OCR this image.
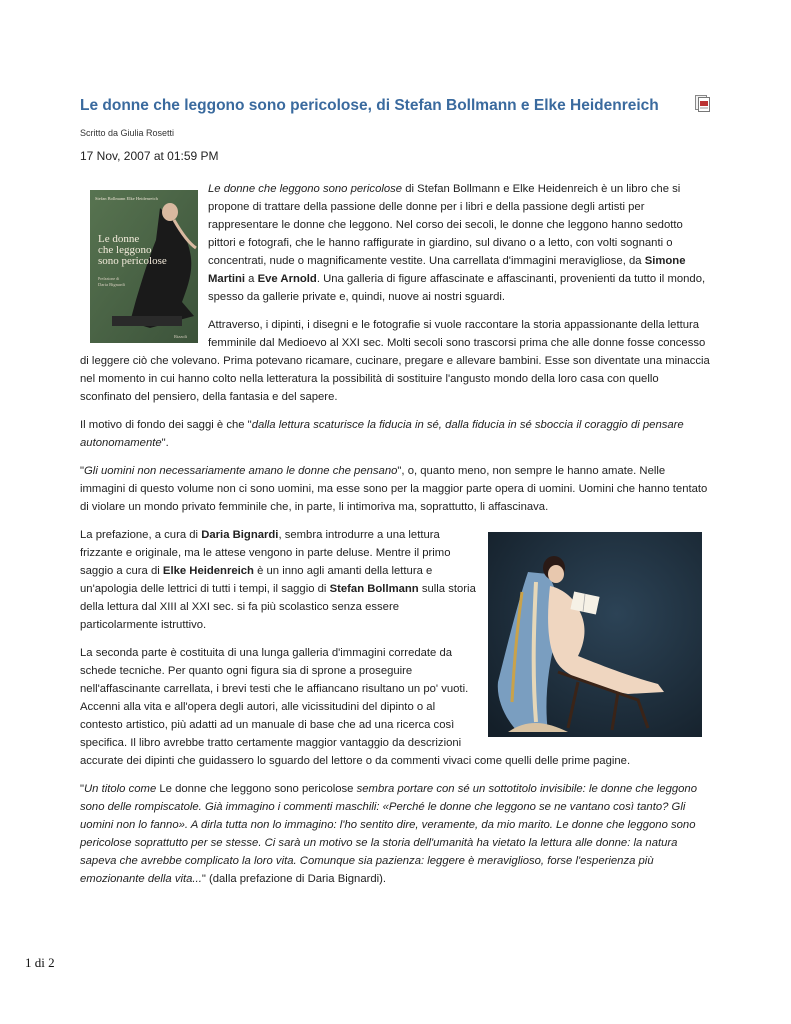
Le donne che leggono sono pericolose, di Stefan Bollmann e Elke Heidenreich
Scritto da Giulia Rosetti
17 Nov, 2007 at 01:59 PM
Stefan Bollmann Elke Heidenreich
Le donne
che leggono
sono pericolose
Prefazione di
Daria Bignardi
Rizzoli

Le donne che leggono sono pericolose di Stefan Bollmann e Elke Heidenreich è un libro che si propone di trattare della passione delle donne per i libri e della passione degli artisti per rappresentare le donne che leggono. Nel corso dei secoli, le donne che leggono hanno sedotto pittori e fotografi, che le hanno raffigurate in giardino, sul divano o a letto, con volti sognanti o concentrati, nude o magnificamente vestite. Una carrellata d'immagini meravigliose, da Simone Martini a Eve Arnold. Una galleria di figure affascinate e affascinanti, provenienti da tutto il mondo, spesso da gallerie private e, quindi, nuove ai nostri sguardi.

Attraverso, i dipinti, i disegni e le fotografie si vuole raccontare la storia appassionante della lettura femminile dal Medioevo al XXI sec. Molti secoli sono trascorsi prima che alle donne fosse concesso di leggere ciò che volevano. Prima potevano ricamare, cucinare, pregare e allevare bambini. Esse son diventate una minaccia nel momento in cui hanno colto nella letteratura la possibilità di sostituire l'angusto mondo della loro casa con quello sconfinato del pensiero, della fantasia e del sapere.

Il motivo di fondo dei saggi è che "dalla lettura scaturisce la fiducia in sé, dalla fiducia in sé sboccia il coraggio di pensare autonomamente".

"Gli uomini non necessariamente amano le donne che pensano", o, quanto meno, non sempre le hanno amate. Nelle immagini di questo volume non ci sono uomini, ma esse sono per la maggior parte opera di uomini. Uomini che hanno tentato di violare un mondo privato femminile che, in parte, li intimoriva ma, soprattutto, li affascinava.

La prefazione, a cura di Daria Bignardi, sembra introdurre a una lettura frizzante e originale, ma le attese vengono in parte deluse. Mentre il primo saggio a cura di Elke Heidenreich è un inno agli amanti della lettura e un'apologia delle lettrici di tutti i tempi, il saggio di Stefan Bollmann sulla storia della lettura dal XIII al XXI sec. si fa più scolastico senza essere particolarmente istruttivo.

La seconda parte è costituita di una lunga galleria d'immagini corredate da schede tecniche. Per quanto ogni figura sia di sprone a proseguire nell'affascinante carrellata, i brevi testi che le affiancano risultano un po' vuoti. Accenni alla vita e all'opera degli autori, alle vicissitudini del dipinto o al contesto artistico, più adatti ad un manuale di base che ad una ricerca così specifica. Il libro avrebbe tratto certamente maggior vantaggio da descrizioni accurate dei dipinti che guidassero lo sguardo del lettore o da commenti vivaci come quelli delle prime pagine.

"Un titolo come Le donne che leggono sono pericolose sembra portare con sé un sottotitolo invisibile: le donne che leggono sono delle rompiscatole. Già immagino i commenti maschili: «Perché le donne che leggono se ne vantano così tanto? Gli uomini non lo fanno». A dirla tutta non lo immagino: l'ho sentito dire, veramente, da mio marito. Le donne che leggono sono pericolose soprattutto per se stesse. Ci sarà un motivo se la storia dell'umanità ha vietato la lettura alle donne: la natura sapeva che avrebbe complicato la loro vita. Comunque sia pazienza: leggere è meraviglioso, forse l'esperienza più emozionante della vita..." (dalla prefazione di Daria Bignardi).

1 di 2
